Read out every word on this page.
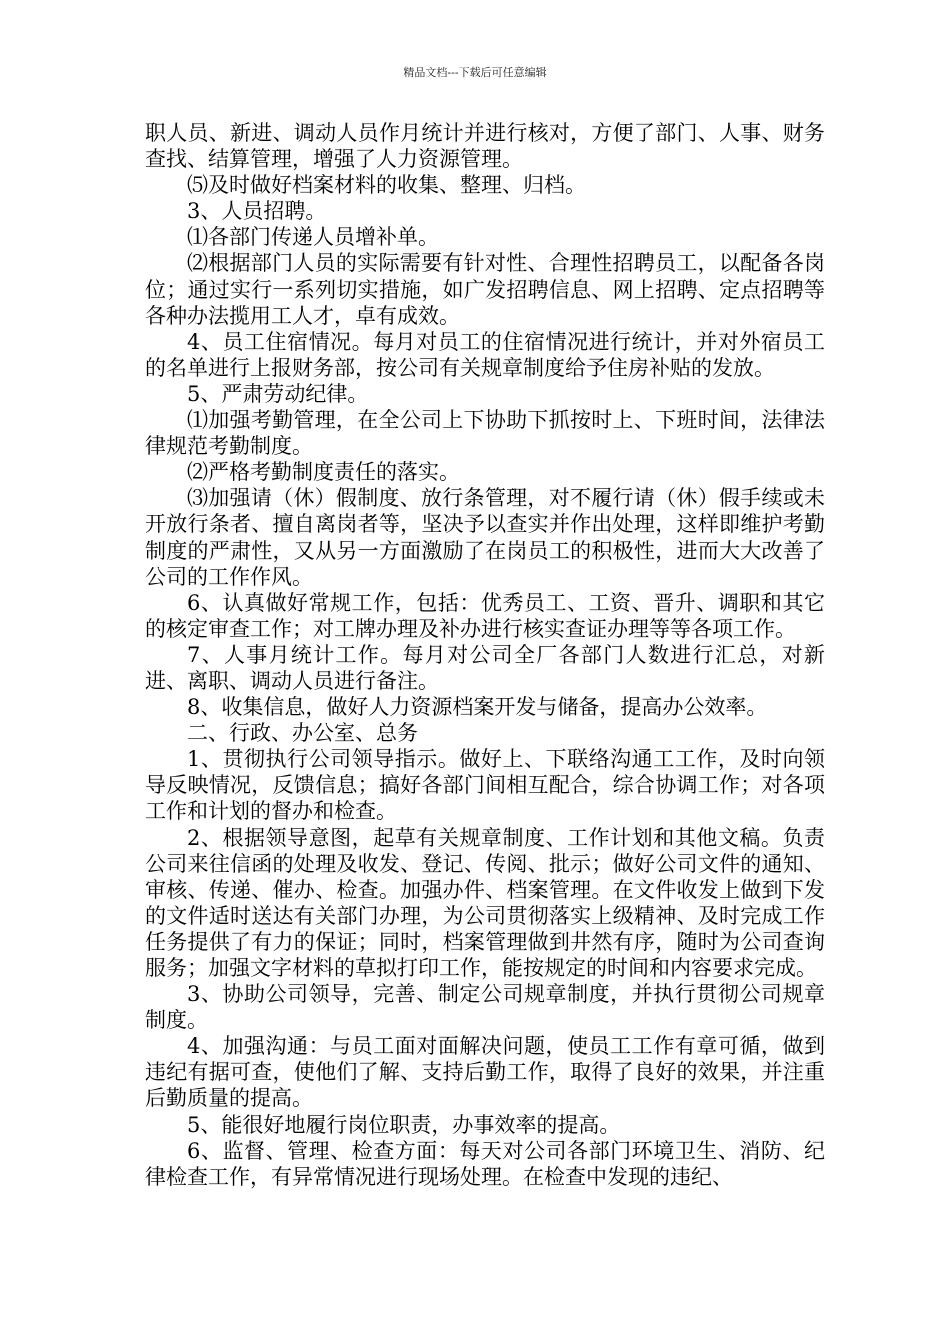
精品文档---下载后可任意编辑

职人员、新进、调动人员作月统计并进行核对，方便了部门、人事、财务查找、结算管理，增强了人力资源管理。

⑸及时做好档案材料的收集、整理、归档。

3、人员招聘。

⑴各部门传递人员增补单。

⑵根据部门人员的实际需要有针对性、合理性招聘员工，以配备各岗位；通过实行一系列切实措施，如广发招聘信息、网上招聘、定点招聘等各种办法揽用工人才，卓有成效。

4、员工住宿情况。每月对员工的住宿情况进行统计，并对外宿员工的名单进行上报财务部，按公司有关规章制度给予住房补贴的发放。

5、严肃劳动纪律。

⑴加强考勤管理，在全公司上下协助下抓按时上、下班时间，法律法律规范考勤制度。

⑵严格考勤制度责任的落实。

⑶加强请（休）假制度、放行条管理，对不履行请（休）假手续或未开放行条者、擅自离岗者等，坚决予以查实并作出处理，这样即维护考勤制度的严肃性，又从另一方面激励了在岗员工的积极性，进而大大改善了公司的工作作风。

6、认真做好常规工作，包括：优秀员工、工资、晋升、调职和其它的核定审查工作；对工牌办理及补办进行核实查证办理等等各项工作。

7、人事月统计工作。每月对公司全厂各部门人数进行汇总，对新进、离职、调动人员进行备注。

8、收集信息，做好人力资源档案开发与储备，提高办公效率。

二、行政、办公室、总务

1、贯彻执行公司领导指示。做好上、下联络沟通工工作，及时向领导反映情况，反馈信息；搞好各部门间相互配合，综合协调工作；对各项工作和计划的督办和检查。

2、根据领导意图，起草有关规章制度、工作计划和其他文稿。负责公司来往信函的处理及收发、登记、传阅、批示；做好公司文件的通知、审核、传递、催办、检查。加强办件、档案管理。在文件收发上做到下发的文件适时送达有关部门办理，为公司贯彻落实上级精神、及时完成工作任务提供了有力的保证；同时，档案管理做到井然有序，随时为公司查询服务；加强文字材料的草拟打印工作，能按规定的时间和内容要求完成。

3、协助公司领导，完善、制定公司规章制度，并执行贯彻公司规章制度。

4、加强沟通：与员工面对面解决问题，使员工工作有章可循，做到违纪有据可查，使他们了解、支持后勤工作，取得了良好的效果，并注重后勤质量的提高。

5、能很好地履行岗位职责，办事效率的提高。

6、监督、管理、检查方面：每天对公司各部门环境卫生、消防、纪律检查工作，有异常情况进行现场处理。在检查中发现的违纪、
